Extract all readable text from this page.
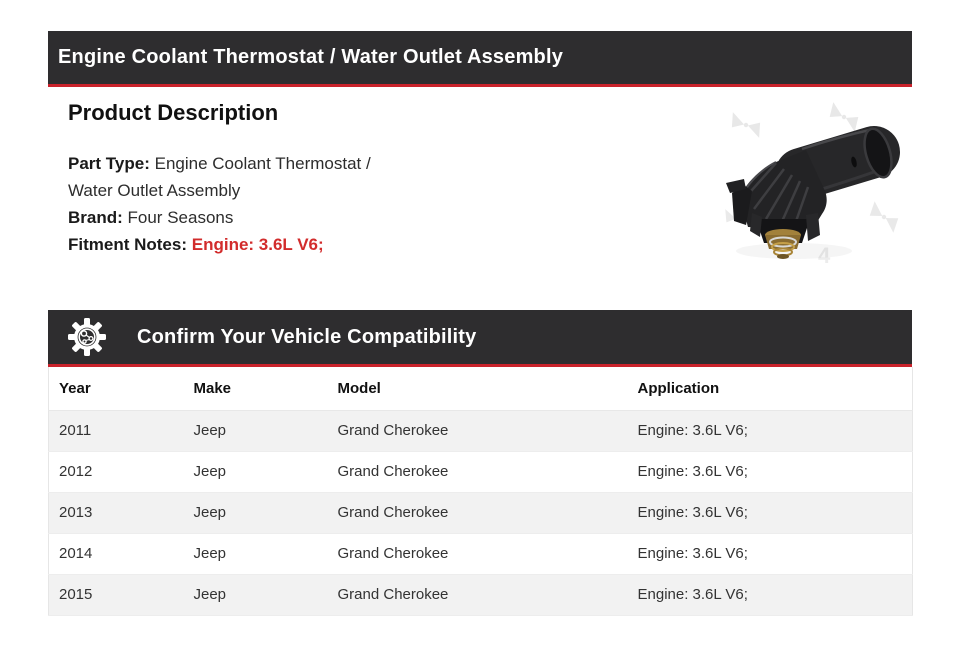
Engine Coolant Thermostat / Water Outlet Assembly
Product Description

Part Type: Engine Coolant Thermostat / Water Outlet Assembly

Brand: Four Seasons

Fitment Notes: Engine: 3.6L V6;	4
Confirm Your Vehicle Compatibility
Year	Make	Model	Application
2011	Jeep	Grand Cherokee	Engine: 3.6L V6;
2012	Jeep	Grand Cherokee	Engine: 3.6L V6;
2013	Jeep	Grand Cherokee	Engine: 3.6L V6;
2014	Jeep	Grand Cherokee	Engine: 3.6L V6;
2015	Jeep	Grand Cherokee	Engine: 3.6L V6;
